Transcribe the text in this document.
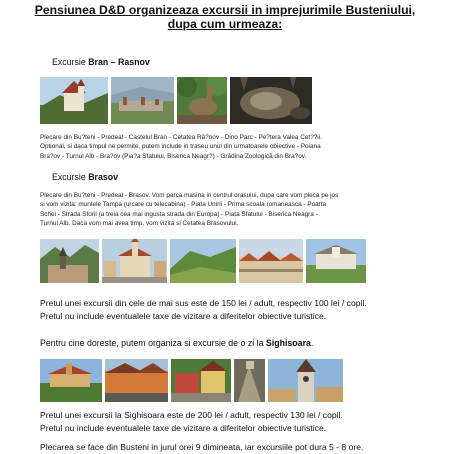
Pensiunea D&D organizeaza excursii in imprejurimile Busteniului,
dupa cum urmeaza:
Excursie Bran – Rasnov
Plecare din Bu?teni - Predeal - Castelul Bran - Cetatea Râ?nov - Dino Parc - Pe?tera Valea Cet??ii.
Optional, si daca timpul ne permite, putem include in traseu unul din urmatoarele obiective - Poiana
Bra?ov - Turnul Alb - Bra?ov (Pia?a Sfatului, Biserica Neagr?) - Grădina Zoologică din Bra?ov.
Excursie Brasov
Plecare din Bu?teni - Predeal - Brasov. Vom parca masina in centrul orasului, dupa care vom pleca pe jos
si vom vizita: muntele Tampa (urcare cu telecabina) - Piata Unirii - Prima scoala romaneasca - Poarta
Schei - Strada Sforii (a treia cea mai ingusta strada din Europa) - Piata Sfatului - Biserica Neagra -
Turnul Alb. Daca vom mai avea timp, vom vizita si Cetatea Brasovului.
Pretul unei excursii din cele de mai sus este de 150 lei / adult, respectiv 100 lei / copil.
Pretul nu include eventualele taxe de vizitare a diferitelor obiective turistice.
Pentru cine doreste, putem organiza si excursie de o zi la Sighisoara.
Pretul unei excursii la Sighisoara este de 200 lei / adult, respectiv 130 lei / copil.
Pretul nu include eventualele taxe de vizitare a diferitelor obiective turistice.
Plecarea se face din Busteni in jurul orei 9 dimineata, iar excursiile pot dura 5 - 8 ore.
